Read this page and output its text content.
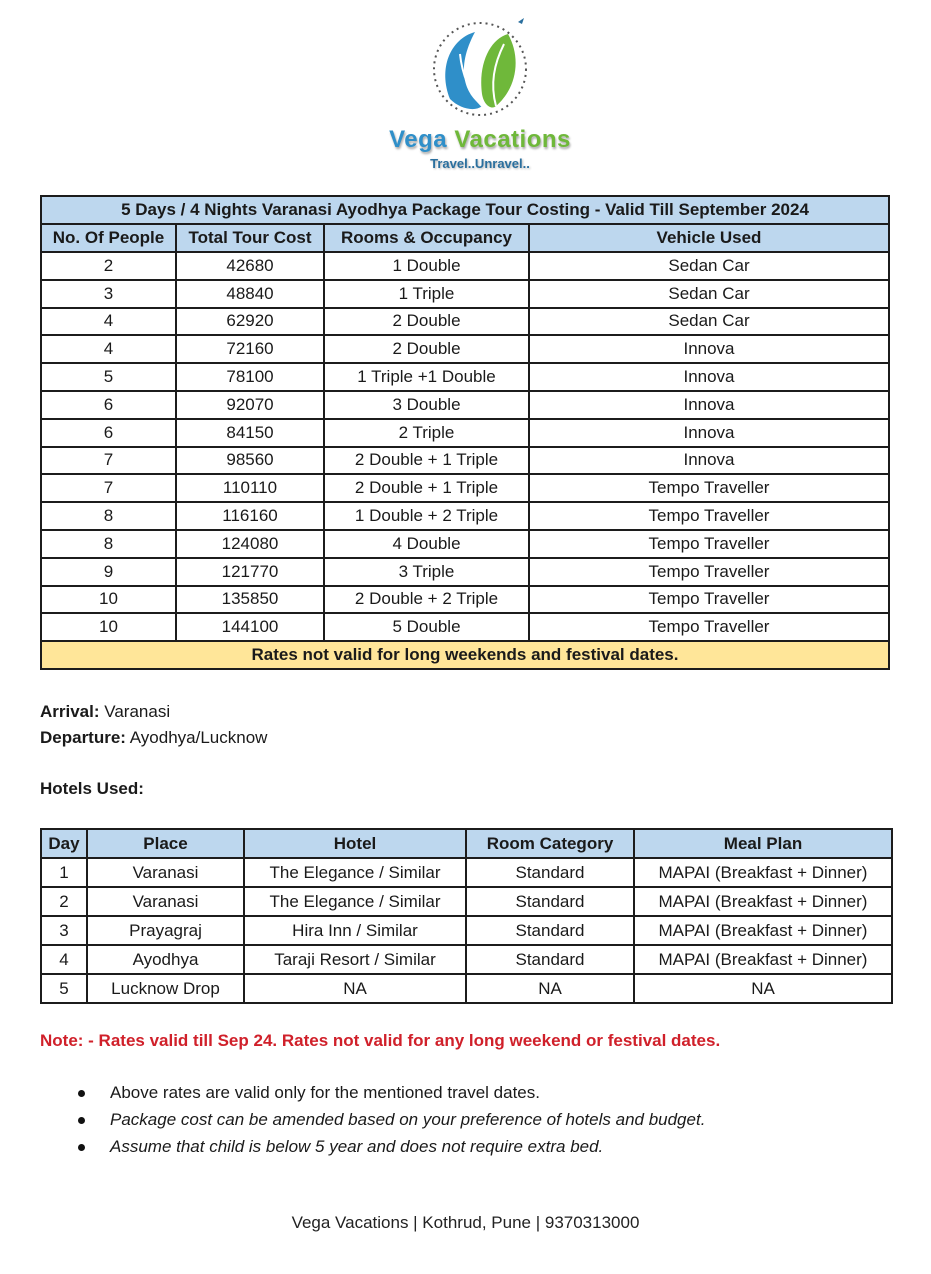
Vega Vacations
Travel..Unravel..
5 Days / 4 Nights Varanasi Ayodhya Package Tour Costing - Valid Till September 2024			
No. Of People	Total Tour Cost	Rooms & Occupancy	Vehicle Used
2	42680	1 Double	Sedan Car
3	48840	1 Triple	Sedan Car
4	62920	2 Double	Sedan Car
4	72160	2 Double	Innova
5	78100	1 Triple +1 Double	Innova
6	92070	3 Double	Innova
6	84150	2 Triple	Innova
7	98560	2 Double + 1 Triple	Innova
7	110110	2 Double + 1 Triple	Tempo Traveller
8	116160	1 Double + 2 Triple	Tempo Traveller
8	124080	4 Double	Tempo Traveller
9	121770	3 Triple	Tempo Traveller
10	135850	2 Double + 2 Triple	Tempo Traveller
10	144100	5 Double	Tempo Traveller
Rates not valid for long weekends and festival dates.			
Arrival: Varanasi
Departure: Ayodhya/Lucknow
Hotels Used:
Day	Place	Hotel	Room Category	Meal Plan
1	Varanasi	The Elegance / Similar	Standard	MAPAI (Breakfast + Dinner)
2	Varanasi	The Elegance / Similar	Standard	MAPAI (Breakfast + Dinner)
3	Prayagraj	Hira Inn / Similar	Standard	MAPAI (Breakfast + Dinner)
4	Ayodhya	Taraji Resort / Similar	Standard	MAPAI (Breakfast + Dinner)
5	Lucknow Drop	NA	NA	NA
Note: - Rates valid till Sep 24. Rates not valid for any long weekend or festival dates.
Above rates are valid only for the mentioned travel dates.
Package cost can be amended based on your preference of hotels and budget.
Assume that child is below 5 year and does not require extra bed.
Vega Vacations | Kothrud, Pune | 9370313000
